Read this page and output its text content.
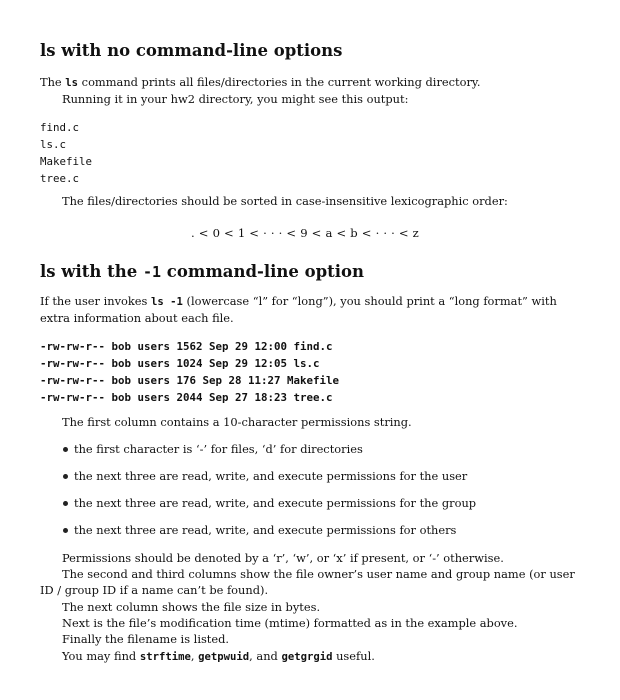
ls with no command-line options
The ls command prints all files/directories in the current working directory.
Running it in your hw2 directory, you might see this output:
find.c
ls.c
Makefile
tree.c
The files/directories should be sorted in case-insensitive lexicographic order:
. < 0 < 1 < · · · < 9 < a < b < · · · < z
ls with the -1 command-line option
If the user invokes ls -1 (lowercase “l” for “long”), you should print a “long format” with
extra information about each file.
-rw-rw-r-- bob users 1562 Sep 29 12:00 find.c
-rw-rw-r-- bob users 1024 Sep 29 12:05 ls.c
-rw-rw-r-- bob users 176 Sep 28 11:27 Makefile
-rw-rw-r-- bob users 2044 Sep 27 18:23 tree.c
The first column contains a 10-character permissions string.
the first character is ‘-’ for files, ‘d’ for directories
the next three are read, write, and execute permissions for the user
the next three are read, write, and execute permissions for the group
the next three are read, write, and execute permissions for others
Permissions should be denoted by a ‘r’, ‘w’, or ‘x’ if present, or ‘-’ otherwise.
The second and third columns show the file owner’s user name and group name (or user
ID / group ID if a name can’t be found).
The next column shows the file size in bytes.
Next is the file’s modification time (mtime) formatted as in the example above.
Finally the filename is listed.
You may find strftime, getpwuid, and getgrgid useful.
